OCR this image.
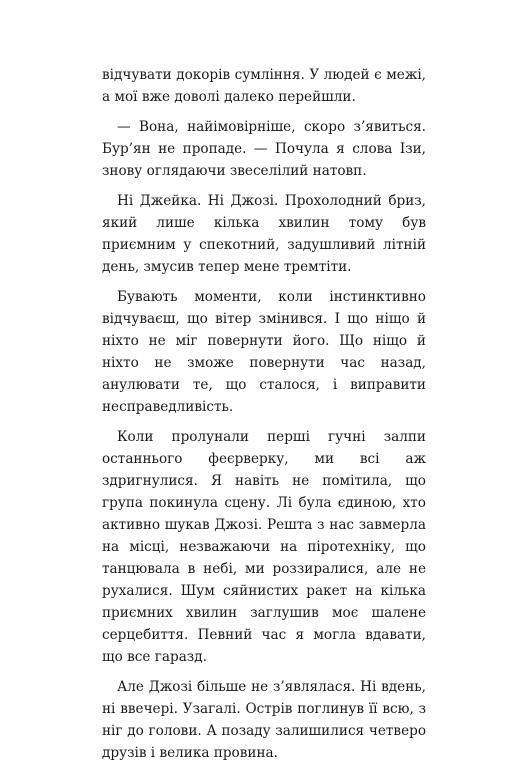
відчувати докорів сумління. У людей є межі, а мої вже доволі далеко перейшли.

— Вона, найімовірніше, скоро з’явиться. Бур’ян не пропаде. — Почула я слова Ізи, знову оглядаючи звеселілий натовп.

Ні Джейка. Ні Джозі. Прохолодний бриз, який лише кілька хвилин тому був приємним у спекотний, задушливий літній день, змусив тепер мене тремтіти.

Бувають моменти, коли інстинктивно відчуваєш, що вітер змінився. І що ніщо й ніхто не міг повернути його. Що ніщо й ніхто не зможе повернути час назад, анулювати те, що сталося, і виправити несправедливість.

Коли пролунали перші гучні залпи останнього феєрверку, ми всі аж здригнулися. Я навіть не помітила, що група покинула сцену. Лі була єдиною, хто активно шукав Джозі. Решта з нас завмерла на місці, незважаючи на піротехніку, що танцювала в небі, ми роззиралися, але не рухалися. Шум сяйнистих ракет на кілька приємних хвилин заглушив моє шалене серцебиття. Певний час я могла вдавати, що все гаразд.

Але Джозі більше не з’являлася. Ні вдень, ні ввечері. Узагалі. Острів поглинув її всю, з ніг до голови. А позаду залишилися четверо друзів і велика провина.
